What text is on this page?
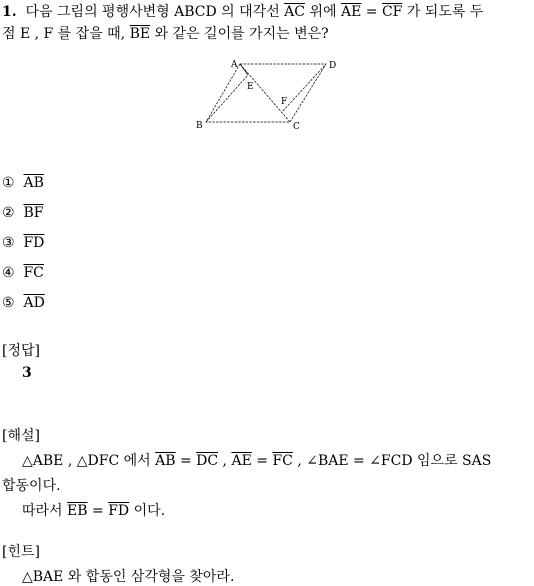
1. 다음 그림의 평행사변형 ABCD 의 대각선 $\overline{AC}$ 위에 $\overline{AE} = \overline{CF}$ 가 되도록 두
점 E , F 를 잡을 때, $\overline{BE}$ 와 같은 길이를 가지는 변은?
A	D
B	C
E
F
① $\overline{AB}$
② $\overline{BF}$
③ $\overline{FD}$
④ $\overline{FC}$
⑤ $\overline{AD}$
[정답]
3
[해설]
△ABE , △DFC 에서 $\overline{AB} = \overline{DC}$ , $\overline{AE} = \overline{FC}$ , ∠BAE = ∠FCD 임으로 SAS
합동이다.
따라서 $\overline{EB} = \overline{FD}$ 이다.
[힌트]
△BAE 와 합동인 삼각형을 찾아라.
